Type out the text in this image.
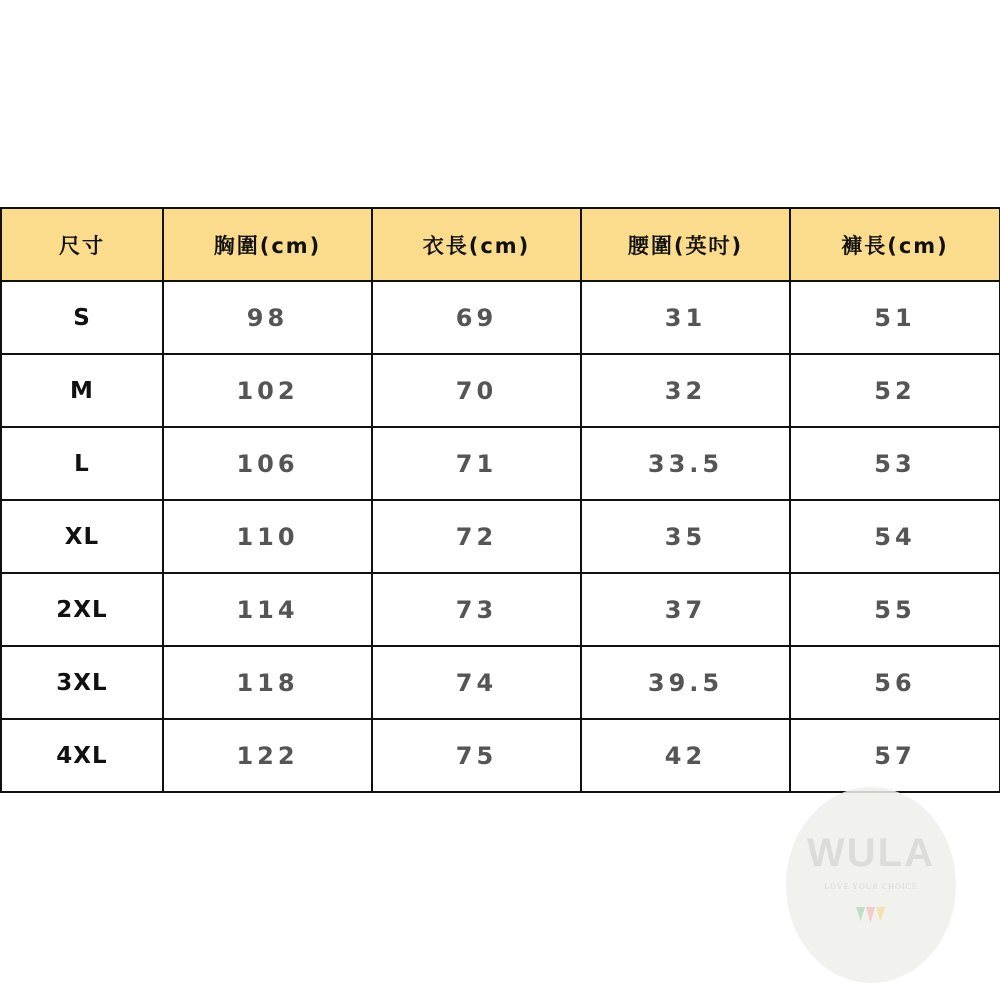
尺寸	胸圍(cm)	衣長(cm)	腰圍(英吋)	褲長(cm)
S	98	69	31	51
M	102	70	32	52
L	106	71	33.5	53
XL	110	72	35	54
2XL	114	73	37	55
3XL	118	74	39.5	56
4XL	122	75	42	57
WULA
LOVE YOUR CHOICE
